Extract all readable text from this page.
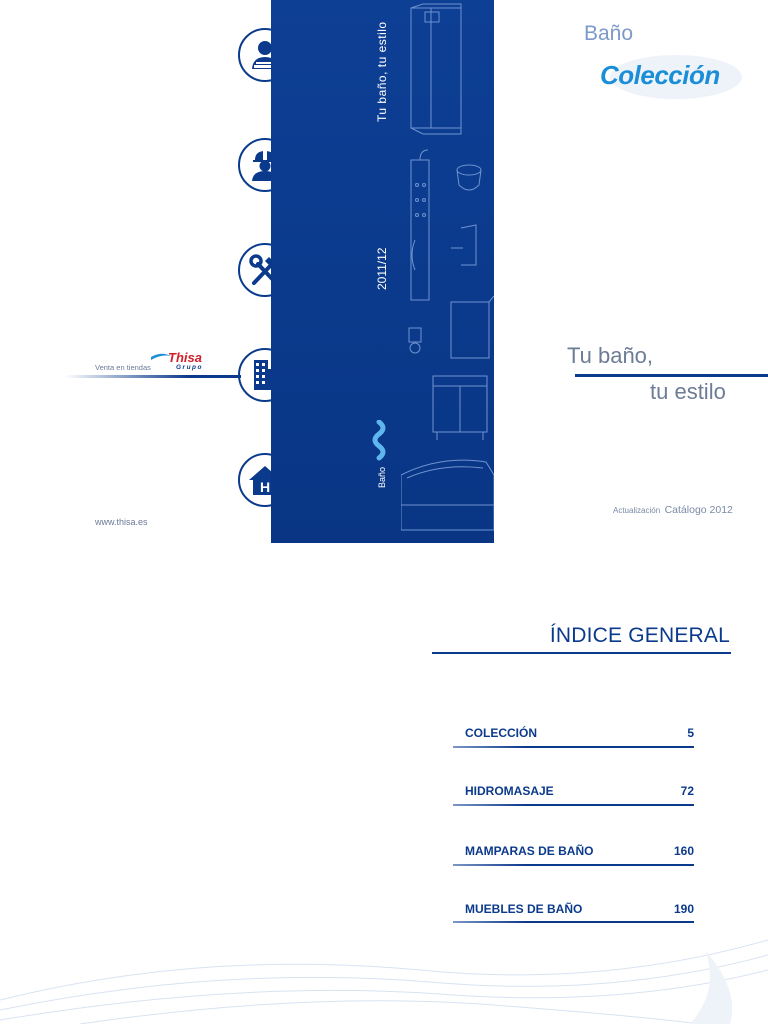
H
Venta en tiendas
Thisa
Grupo
www.thisa.es
Tu baño, tu estilo
2011/12
Baño
Baño
Colección
Tu baño,
tu estilo
Actualización Catálogo 2012
ÍNDICE GENERAL
COLECCIÓN	5
HIDROMASAJE	72
MAMPARAS DE BAÑO	160
MUEBLES DE BAÑO	190
